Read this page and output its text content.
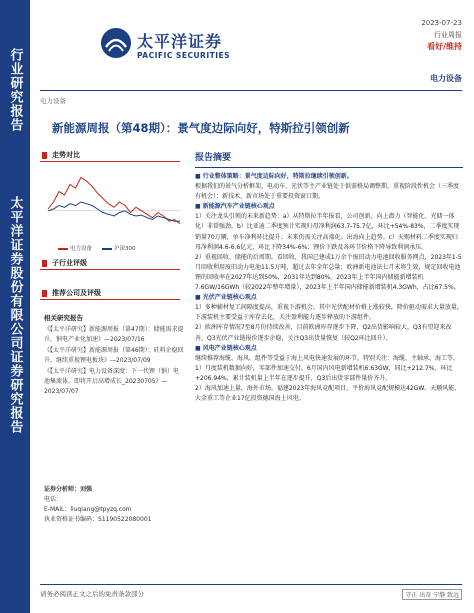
行业研究报告
太平洋证券股份有限公司证券研究报告
太平洋证券
PACIFIC SECURITIES
2023-07-23
行业周报
看好/维持
电力设备
电力设备
新能源周报（第48期）：景气度边际向好，特斯拉引领创新
走势对比
电力设备	沪深300
子行业评级
推荐公司及评级
相关研究报告

《【太平洋研究】新能源周报（第47期）：储能需求提升，钠电产业化加速》—2023/07/16

《【太平洋研究】新能源周报（第46期）：硅料企稳回升，继续重视锂电板块》—2023/07/09

《【太平洋研究】电力设备深度：下一代锂（钠）电池集流体，即将开启高增成长_20230705》—2023/07/07

证券分析师：刘强
电话：
E-MAIL：liuqiang@tpyzq.com
执业资格证书编码：S1190522080001
报告摘要

■ 行业整体策略：景气度边际向好，特斯拉继续引领创新。

根据我们的景气分析框架，电动车、光伏等主产业链处于供需格局调整期，重视阶段性机会（三季度有机会）；新技术、新市场处于重要投资窗口期。

■ 新能源汽车产业链核心观点

1）关注龙头引领的未来新趋势：a）从特斯拉半年报看，公司创新、向上潜力（智能化、光储一体化）非常强劲，b）比亚迪二季度预计实现归母净利润63.7-75.7亿，环比+54%-83%，二季度实现销量70万辆，单车净利环比提升；未来仍需关注高端化。出海向上趋势。c）天赐材料二季度实现归母净利润4.6-6.6亿元，环比下降34%-6%；锂价下跌及各环节价格下降导致利润承压。

2）重视回收、储能的后周期。看回收，我国已建成1万余个废旧动力电池回收服务网点，2023年1-5月回收利用废旧动力电池11.5万吨，超过去年全年总量；欧洲新电池法七月末将生效，规定回收电池锂的回收率在2027年达到50%，2031年达到80%。2023年上半年国内储能新增装机7.6GW/16GWh（较2022年整年增量），2023年上半年国内储能新增装机4.3GWh，占比67.5%。

■ 光伏产业链核心观点

1）多种辅材复工间隔度提高，重视下游机会。其中光伏配材价格上涨较快，降价驱动需求大量放量，下游装机主要受益于库存去化，关注盈利能力逐步释放的下游组件。

2）欧洲库存情况7至8月份持续改善，目前欧洲库存逐步下降，Q2出货影响较大，Q3有望迎来改善，Q3光伏产业链报价逐步企稳，关注Q3出货量恢复（较Q2环比回升）。

■ 风电产业链核心观点

继续推荐海缆、海风、组件等受益于海上风电快速发展的环节，特别关注：海缆、主轴承、海工等。

1）月度装机数据向好，零部件加速交付。6月国内风电新增装机6.63GW，同比+212.7%，环比+206.94%，累计装机量上半年在逐步提升，Q3后出货零部件量价齐升。

2）海风加速上量，海外市场。福建2023年海风竞配项目，平价海风竞配规模达42GW。天顺风能、大金重工等企业17亿投资德国海上风电。

请务必阅读正文之后的免责条款部分	守正 出奇 宁静 致远
